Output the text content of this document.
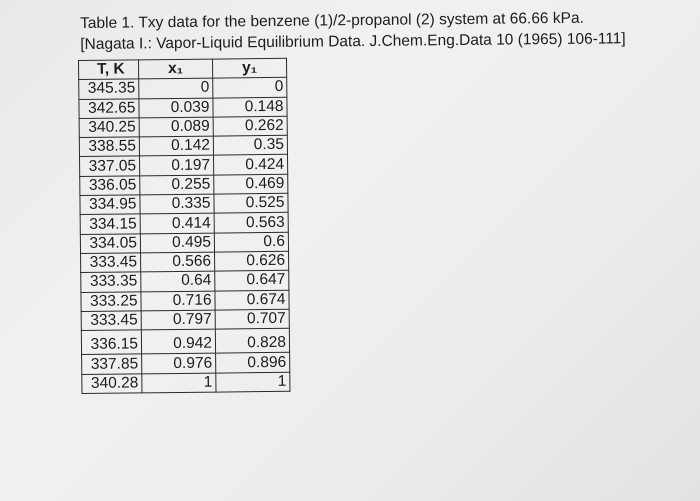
Table 1. Txy data for the benzene (1)/2-propanol (2) system at 66.66 kPa.
[Nagata I.: Vapor-Liquid Equilibrium Data. J.Chem.Eng.Data 10 (1965) 106-111]
T, K	x₁	y₁
345.35	0	0
342.65	0.039	0.148
340.25	0.089	0.262
338.55	0.142	0.35
337.05	0.197	0.424
336.05	0.255	0.469
334.95	0.335	0.525
334.15	0.414	0.563
334.05	0.495	0.6
333.45	0.566	0.626
333.35	0.64	0.647
333.25	0.716	0.674
333.45	0.797	0.707
336.15	0.942	0.828
337.85	0.976	0.896
340.28	1	1
